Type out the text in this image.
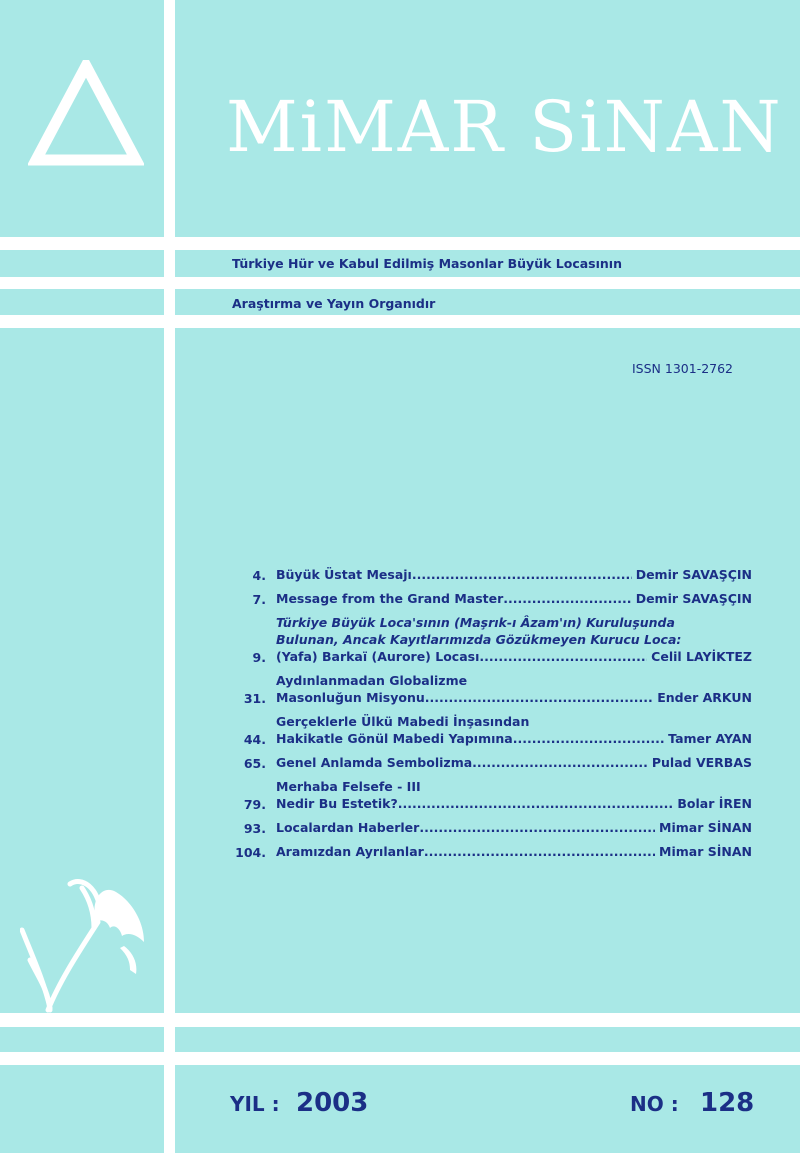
MiMAR SiNAN
Türkiye Hür ve Kabul Edilmiş Masonlar Büyük Locasının
Araştırma ve Yayın Organıdır
ISSN 1301-2762
4. Büyük Üstat Mesajı .....	Demir SAVAŞÇIN
7. Message from the Grand Master .....	Demir SAVAŞÇIN
9.
Türkiye Büyük Loca'sının (Maşrık-ı Âzam'ın) Kuruluşunda
Bulunan, Ancak Kayıtlarımızda Gözükmeyen Kurucu Loca:
(Yafa) Barkaï (Aurore) Locası .....	Celil LAYİKTEZ
31.
Aydınlanmadan Globalizme
Masonluğun Misyonu .....	Ender ARKUN
44.
Gerçeklerle Ülkü Mabedi İnşasından
Hakikatle Gönül Mabedi Yapımına .....	Tamer AYAN
65. Genel Anlamda Sembolizma .....	Pulad VERBAS
79.
Merhaba Felsefe - III
Nedir Bu Estetik? .....	Bolar İREN
93. Localardan Haberler .....	Mimar SİNAN
104. Aramızdan Ayrılanlar .....	Mimar SİNAN
YIL : 2003	NO : 128
